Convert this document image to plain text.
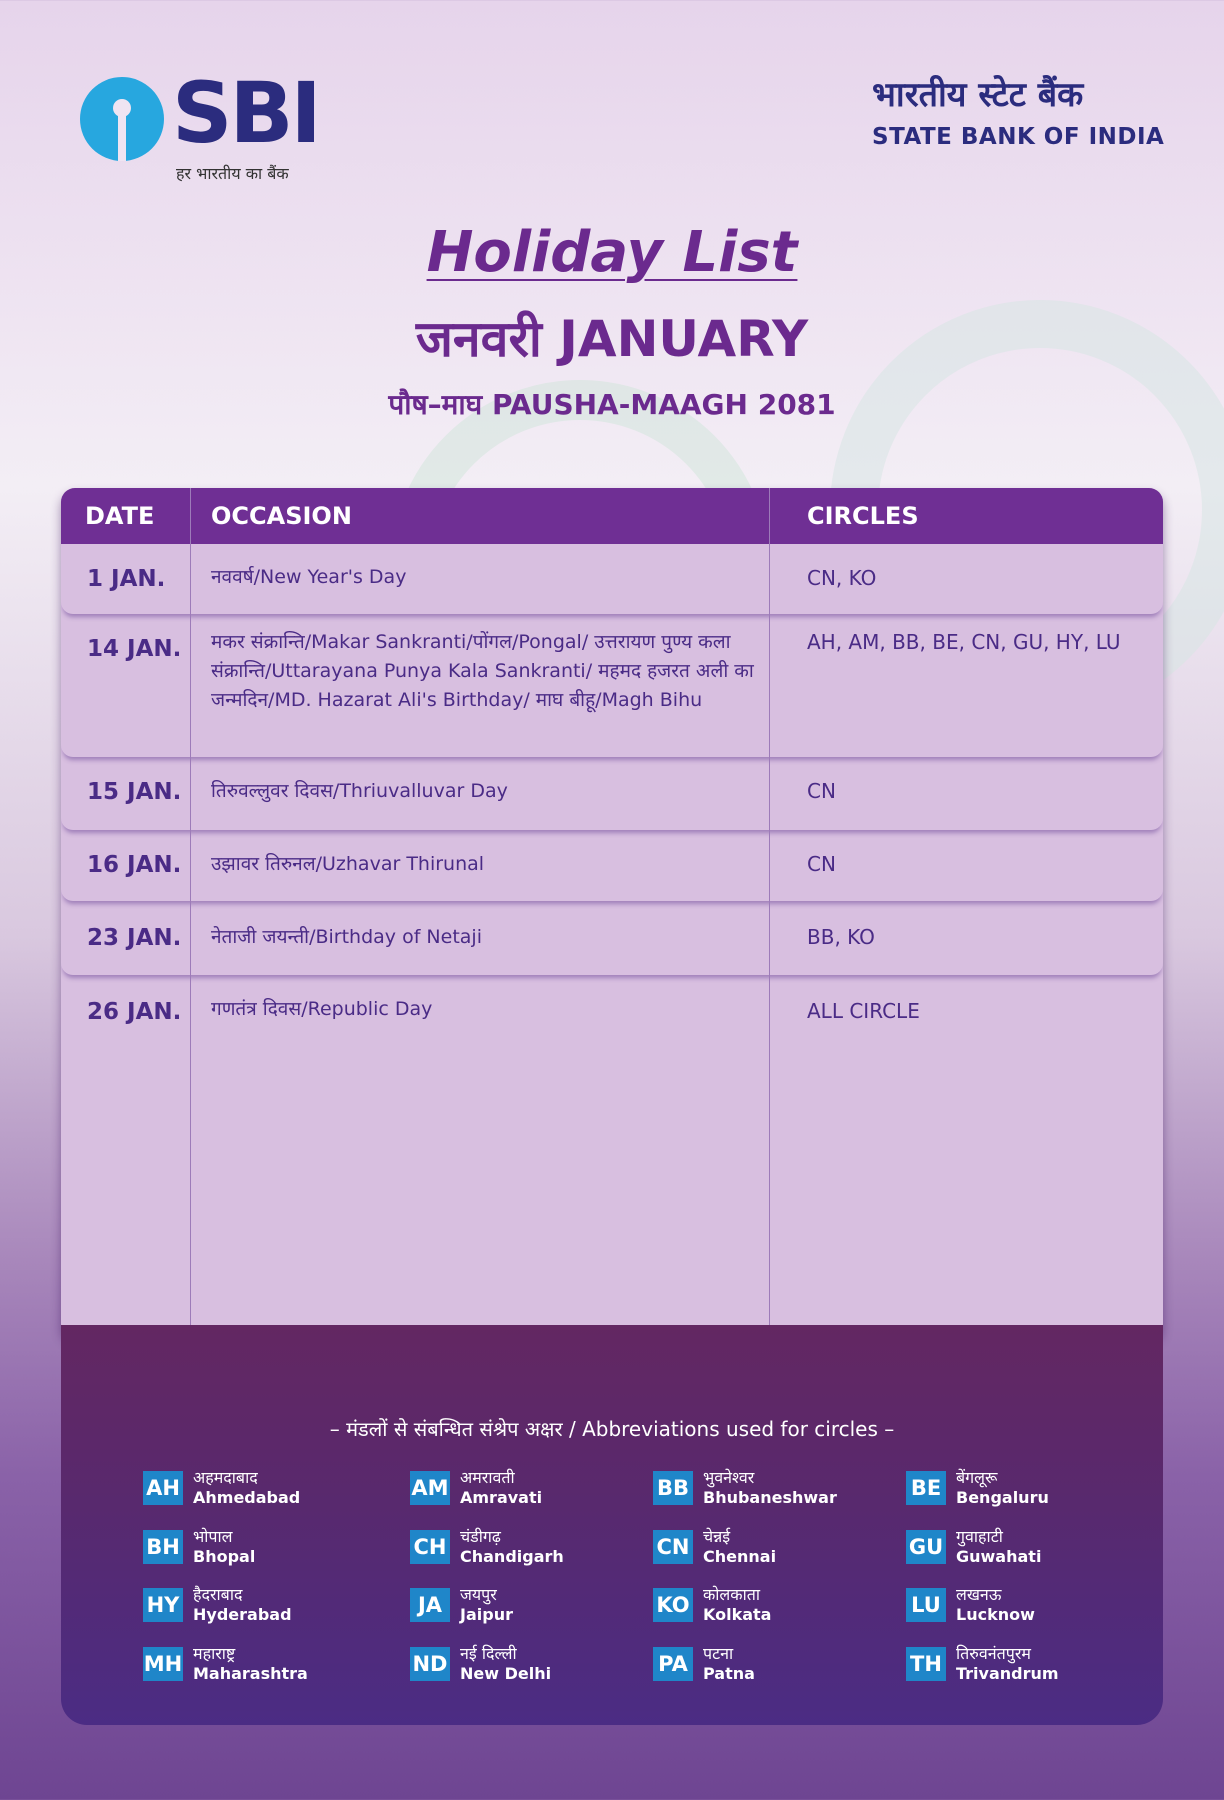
SBI
हर भारतीय का बैंक
भारतीय स्टेट बैंक
STATE BANK OF INDIA
Holiday List
जनवरी JANUARY
पौष–माघ PAUSHA-MAAGH 2081
DATE OCCASION	CIRCLES
1 JAN. नववर्ष/New Year's Day	CN, KO
14 JAN. मकर संक्रान्ति/Makar Sankranti/पोंगल/Pongal/ उत्तरायण पुण्य कला संक्रान्ति/Uttarayana Punya Kala Sankranti/ महमद हजरत अली का जन्मदिन/MD. Hazarat Ali's Birthday/ माघ बीहू/Magh Bihu
AH, AM, BB, BE, CN, GU, HY, LU
15 JAN. तिरुवल्लुवर दिवस/Thriuvalluvar Day	CN
16 JAN. उझावर तिरुनल/Uzhavar Thirunal	CN
23 JAN. नेताजी जयन्ती/Birthday of Netaji	BB, KO
26 JAN. गणतंत्र दिवस/Republic Day	ALL CIRCLE
– मंडलों से संबन्धित संश्रेप अक्षर / Abbreviations used for circles –
AH अहमदाबाद
Ahmedabad	AM अमरावती
Amravati	BB भुवनेश्वर
Bhubaneshwar	BE बेंगलूरू
Bengaluru
BH भोपाल
Bhopal	CH चंडीगढ़
Chandigarh	CN चेन्नई
Chennai	GU गुवाहाटी
Guwahati
HY हैदराबाद
Hyderabad	JA	जयपुर
Jaipur	KO कोलकाता
Kolkata	LU लखनऊ
Lucknow
MH महाराष्ट्र
Maharashtra	ND नई दिल्ली
New Delhi	PA पटना
Patna	TH तिरुवनंतपुरम
Trivandrum
